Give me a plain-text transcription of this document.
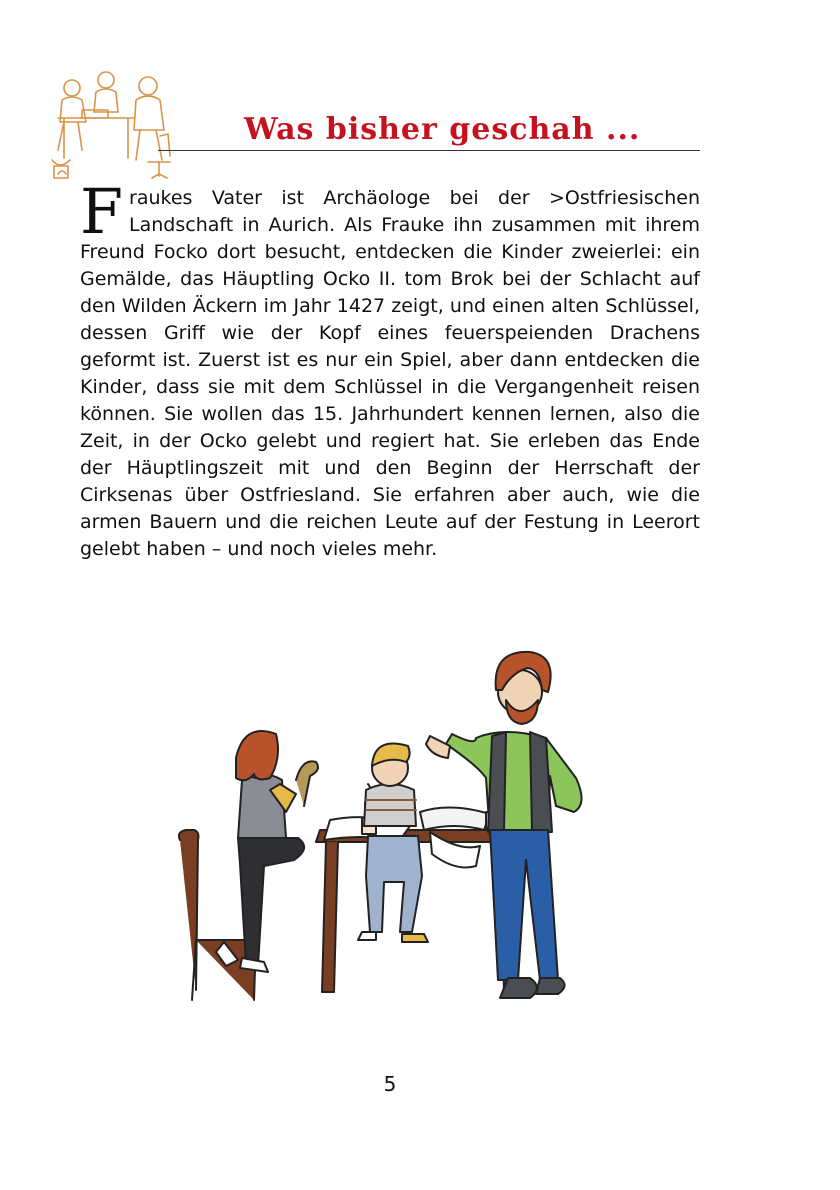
Was bisher geschah ...
Fraukes Vater ist Archäologe bei der >Ostfriesischen Landschaft in Aurich. Als Frauke ihn zusammen mit ihrem Freund Focko dort besucht, entdecken die Kinder zweierlei: ein Gemälde, das Häuptling Ocko II. tom Brok bei der Schlacht auf den Wilden Äckern im Jahr 1427 zeigt, und einen alten Schlüssel, dessen Griff wie der Kopf eines feuerspeienden Drachens geformt ist. Zuerst ist es nur ein Spiel, aber dann entdecken die Kinder, dass sie mit dem Schlüssel in die Vergangenheit reisen können. Sie wollen das 15. Jahrhundert kennen lernen, also die Zeit, in der Ocko gelebt und regiert hat. Sie erleben das Ende der Häuptlingszeit mit und den Beginn der Herrschaft der Cirksenas über Ostfriesland. Sie erfahren aber auch, wie die armen Bauern und die reichen Leute auf der Festung in Leerort gelebt haben – und noch vieles mehr.
5
